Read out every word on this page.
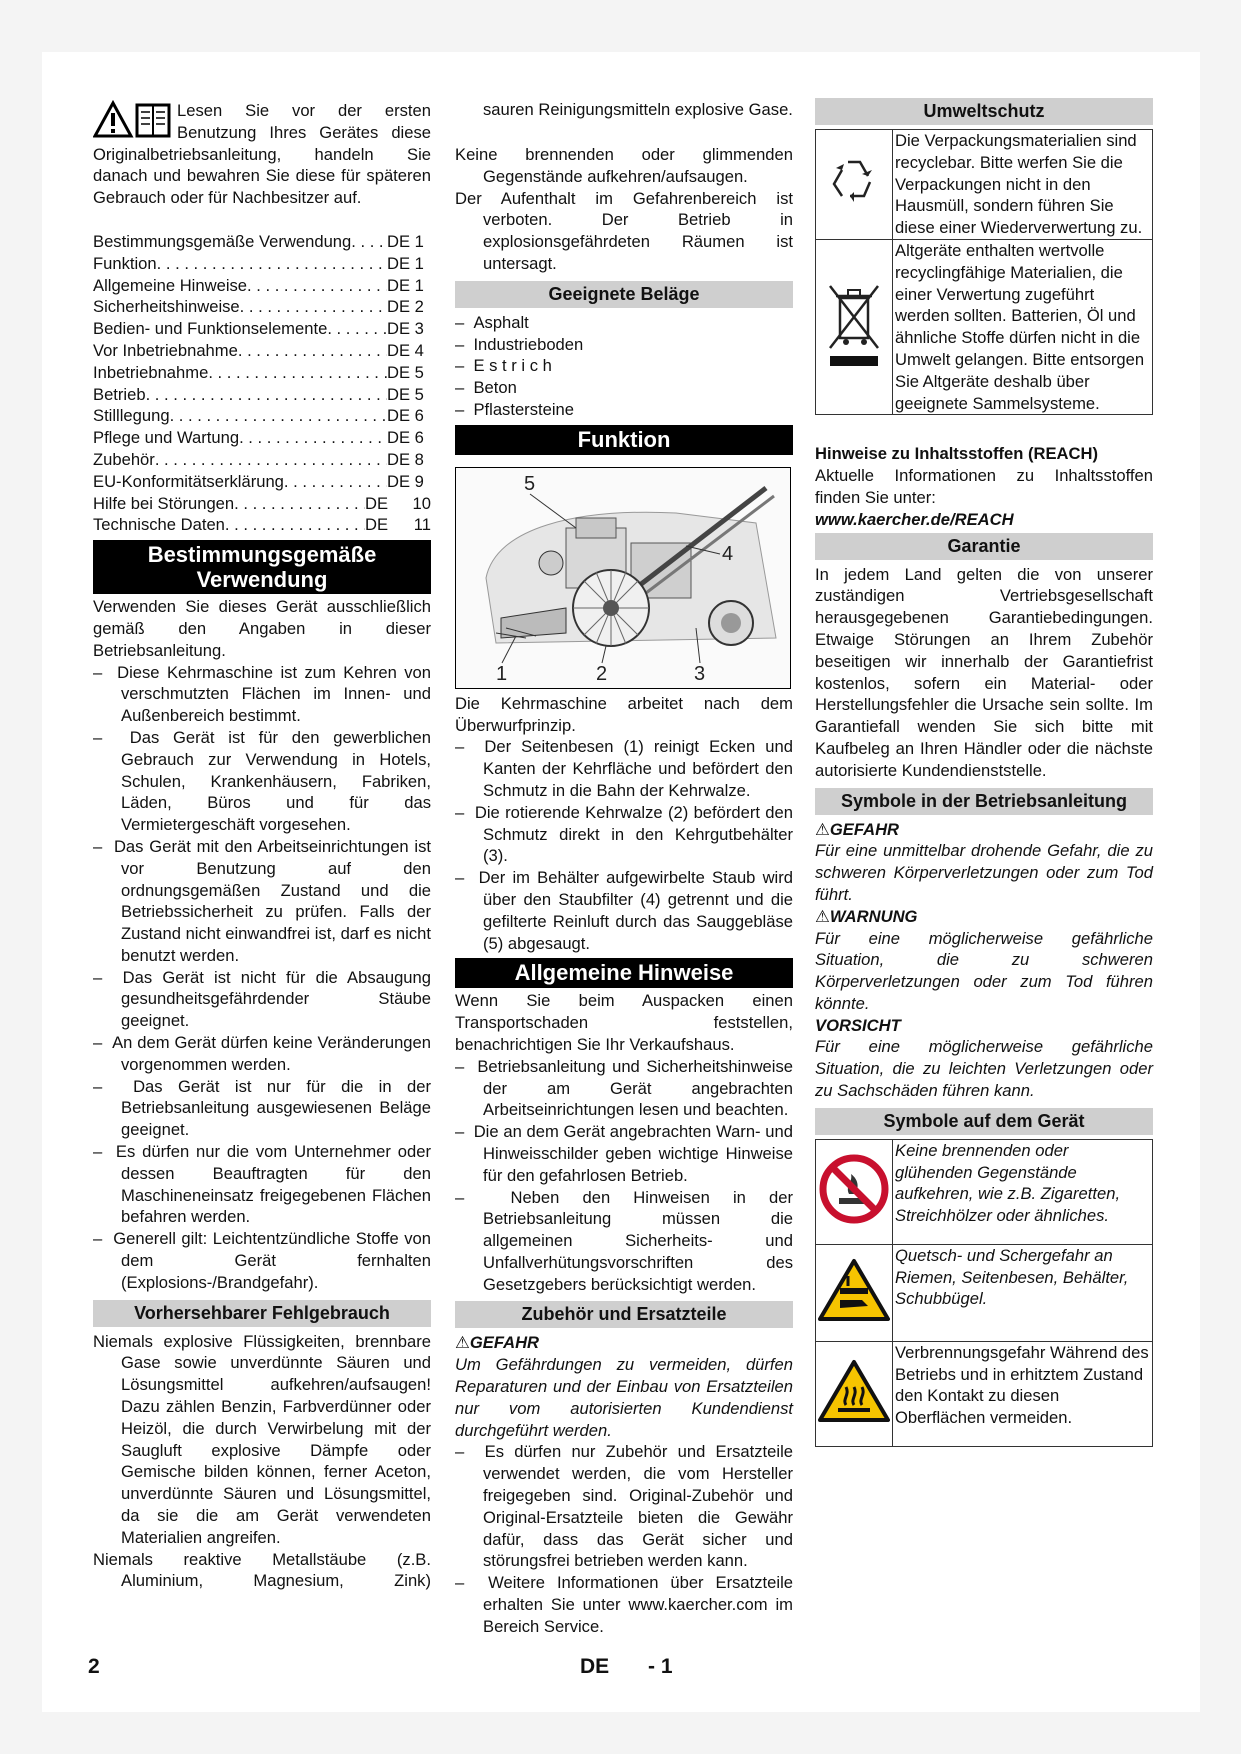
Lesen Sie vor der ersten Benutzung Ihres Gerätes diese Originalbetriebsanleitung, handeln Sie danach und bewahren Sie diese für späteren Gebrauch oder für Nachbesitzer auf.

Bestimmungsgemäße Verwendung . . . DE 1
Funktion . . .	DE 1
Allgemeine Hinweise . . .	DE 1
Sicherheitshinweise . . .	DE 2
Bedien- und Funktionselemente . . .	DE 3
Vor Inbetriebnahme . . .	DE 4
Inbetriebnahme . . .	DE 5
Betrieb . . .	DE 5
Stilllegung . . .	DE 6
Pflege und Wartung . . .	DE 6
Zubehör . . .	DE 8
EU-Konformitätserklärung . . .	DE 9
Hilfe bei Störungen . . .	DE	10
Technische Daten . . .	DE	11
Bestimmungsgemäße
Verwendung

Verwenden Sie dieses Gerät ausschließlich gemäß den Angaben in dieser Betriebsanleitung.

–  Diese Kehrmaschine ist zum Kehren von verschmutzten Flächen im Innen- und Außenbereich bestimmt.

–  Das Gerät ist für den gewerblichen Gebrauch zur Verwendung in Hotels, Schulen, Krankenhäusern, Fabriken, Läden, Büros und für das Vermietergeschäft vorgesehen.

–  Das Gerät mit den Arbeitseinrichtungen ist vor Benutzung auf den ordnungsgemäßen Zustand und die Betriebssicherheit zu prüfen. Falls der Zustand nicht einwandfrei ist, darf es nicht benutzt werden.

–  Das Gerät ist nicht für die Absaugung gesundheitsgefährdender Stäube geeignet.

–  An dem Gerät dürfen keine Veränderungen vorgenommen werden.

–  Das Gerät ist nur für die in der Betriebsanleitung ausgewiesenen Beläge geeignet.

–  Es dürfen nur die vom Unternehmer oder dessen Beauftragten für den Maschineneinsatz freigegebenen Flächen befahren werden.

–  Generell gilt: Leichtentzündliche Stoffe von dem Gerät fernhalten (Explosions-/Brandgefahr).

Vorhersehbarer Fehlgebrauch

Niemals explosive Flüssigkeiten, brennbare Gase sowie unverdünnte Säuren und Lösungsmittel aufkehren/aufsaugen! Dazu zählen Benzin, Farbverdünner oder Heizöl, die durch Verwirbelung mit der Saugluft explosive Dämpfe oder Gemische bilden können, ferner Aceton, unverdünnte Säuren und Lösungsmittel, da sie die am Gerät verwendeten Materialien angreifen.

Niemals reaktive Metallstäube (z.B. Aluminium, Magnesium, Zink)

sauren Reinigungsmitteln explosive Gase.

Keine brennenden oder glimmenden Gegenstände aufkehren/aufsaugen.

Der Aufenthalt im Gefahrenbereich ist verboten. Der Betrieb in explosionsgefährdeten Räumen ist untersagt.

Geeignete Beläge

–  Asphalt

–  Industrieboden

–  E s t r i c h

–  Beton

–  Pflastersteine

Funktion
1	2	3
4
5

Die Kehrmaschine arbeitet nach dem Überwurfprinzip.

–  Der Seitenbesen (1) reinigt Ecken und Kanten der Kehrfläche und befördert den Schmutz in die Bahn der Kehrwalze.

–  Die rotierende Kehrwalze (2) befördert den Schmutz direkt in den Kehrgutbehälter (3).

–  Der im Behälter aufgewirbelte Staub wird über den Staubfilter (4) getrennt und die gefilterte Reinluft durch das Sauggebläse (5) abgesaugt.

Allgemeine Hinweise

Wenn Sie beim Auspacken einen Transportschaden feststellen, benachrichtigen Sie Ihr Verkaufshaus.

–  Betriebsanleitung und Sicherheitshinweise der am Gerät angebrachten Arbeitseinrichtungen lesen und beachten.

–  Die an dem Gerät angebrachten Warn- und Hinweisschilder geben wichtige Hinweise für den gefahrlosen Betrieb.

–  Neben den Hinweisen in der Betriebsanleitung müssen die allgemeinen Sicherheits- und Unfallverhütungsvorschriften des Gesetzgebers berücksichtigt werden.

Zubehör und Ersatzteile

⚠GEFAHR

Um Gefährdungen zu vermeiden, dürfen Reparaturen und der Einbau von Ersatzteilen nur vom autorisierten Kundendienst durchgeführt werden.

–  Es dürfen nur Zubehör und Ersatzteile verwendet werden, die vom Hersteller freigegeben sind. Original-Zubehör und Original-Ersatzteile bieten die Gewähr dafür, dass das Gerät sicher und störungsfrei betrieben werden kann.

–  Weitere Informationen über Ersatzteile erhalten Sie unter www.kaercher.com im Bereich Service.

Umweltschutz
	Die Verpackungsmaterialien sind recyclebar. Bitte werfen Sie die Verpackungen nicht in den Hausmüll, sondern führen Sie diese einer Wiederverwertung zu.
	Altgeräte enthalten wertvolle recyclingfähige Materialien, die einer Verwertung zugeführt werden sollten. Batterien, Öl und ähnliche Stoffe dürfen nicht in die Umwelt gelangen. Bitte entsorgen Sie Altgeräte deshalb über geeignete Sammelsysteme.

Hinweise zu Inhaltsstoffen (REACH)

Aktuelle Informationen zu Inhaltsstoffen finden Sie unter:

www.kaercher.de/REACH

Garantie

In jedem Land gelten die von unserer zuständigen Vertriebsgesellschaft herausgegebenen Garantiebedingungen. Etwaige Störungen an Ihrem Zubehör beseitigen wir innerhalb der Garantiefrist kostenlos, sofern ein Material- oder Herstellungsfehler die Ursache sein sollte. Im Garantiefall wenden Sie sich bitte mit Kaufbeleg an Ihren Händler oder die nächste autorisierte Kundendienststelle.

Symbole in der Betriebsanleitung

⚠GEFAHR

Für eine unmittelbar drohende Gefahr, die zu schweren Körperverletzungen oder zum Tod führt.

⚠WARNUNG

Für eine möglicherweise gefährliche Situation, die zu schweren Körperverletzungen oder zum Tod führen könnte.

VORSICHT

Für eine möglicherweise gefährliche Situation, die zu leichten Verletzungen oder zu Sachschäden führen kann.

Symbole auf dem Gerät
	Keine brennenden oder glühenden Gegenstände aufkehren, wie z.B. Zigaretten, Streichhölzer oder ähnliches.
	Quetsch- und Schergefahr an Riemen, Seitenbesen, Behälter, Schubbügel.
	Verbrennungsgefahr Während des Betriebs und in erhitztem Zustand den Kontakt zu diesen Oberflächen vermeiden.
2	DE - 1
